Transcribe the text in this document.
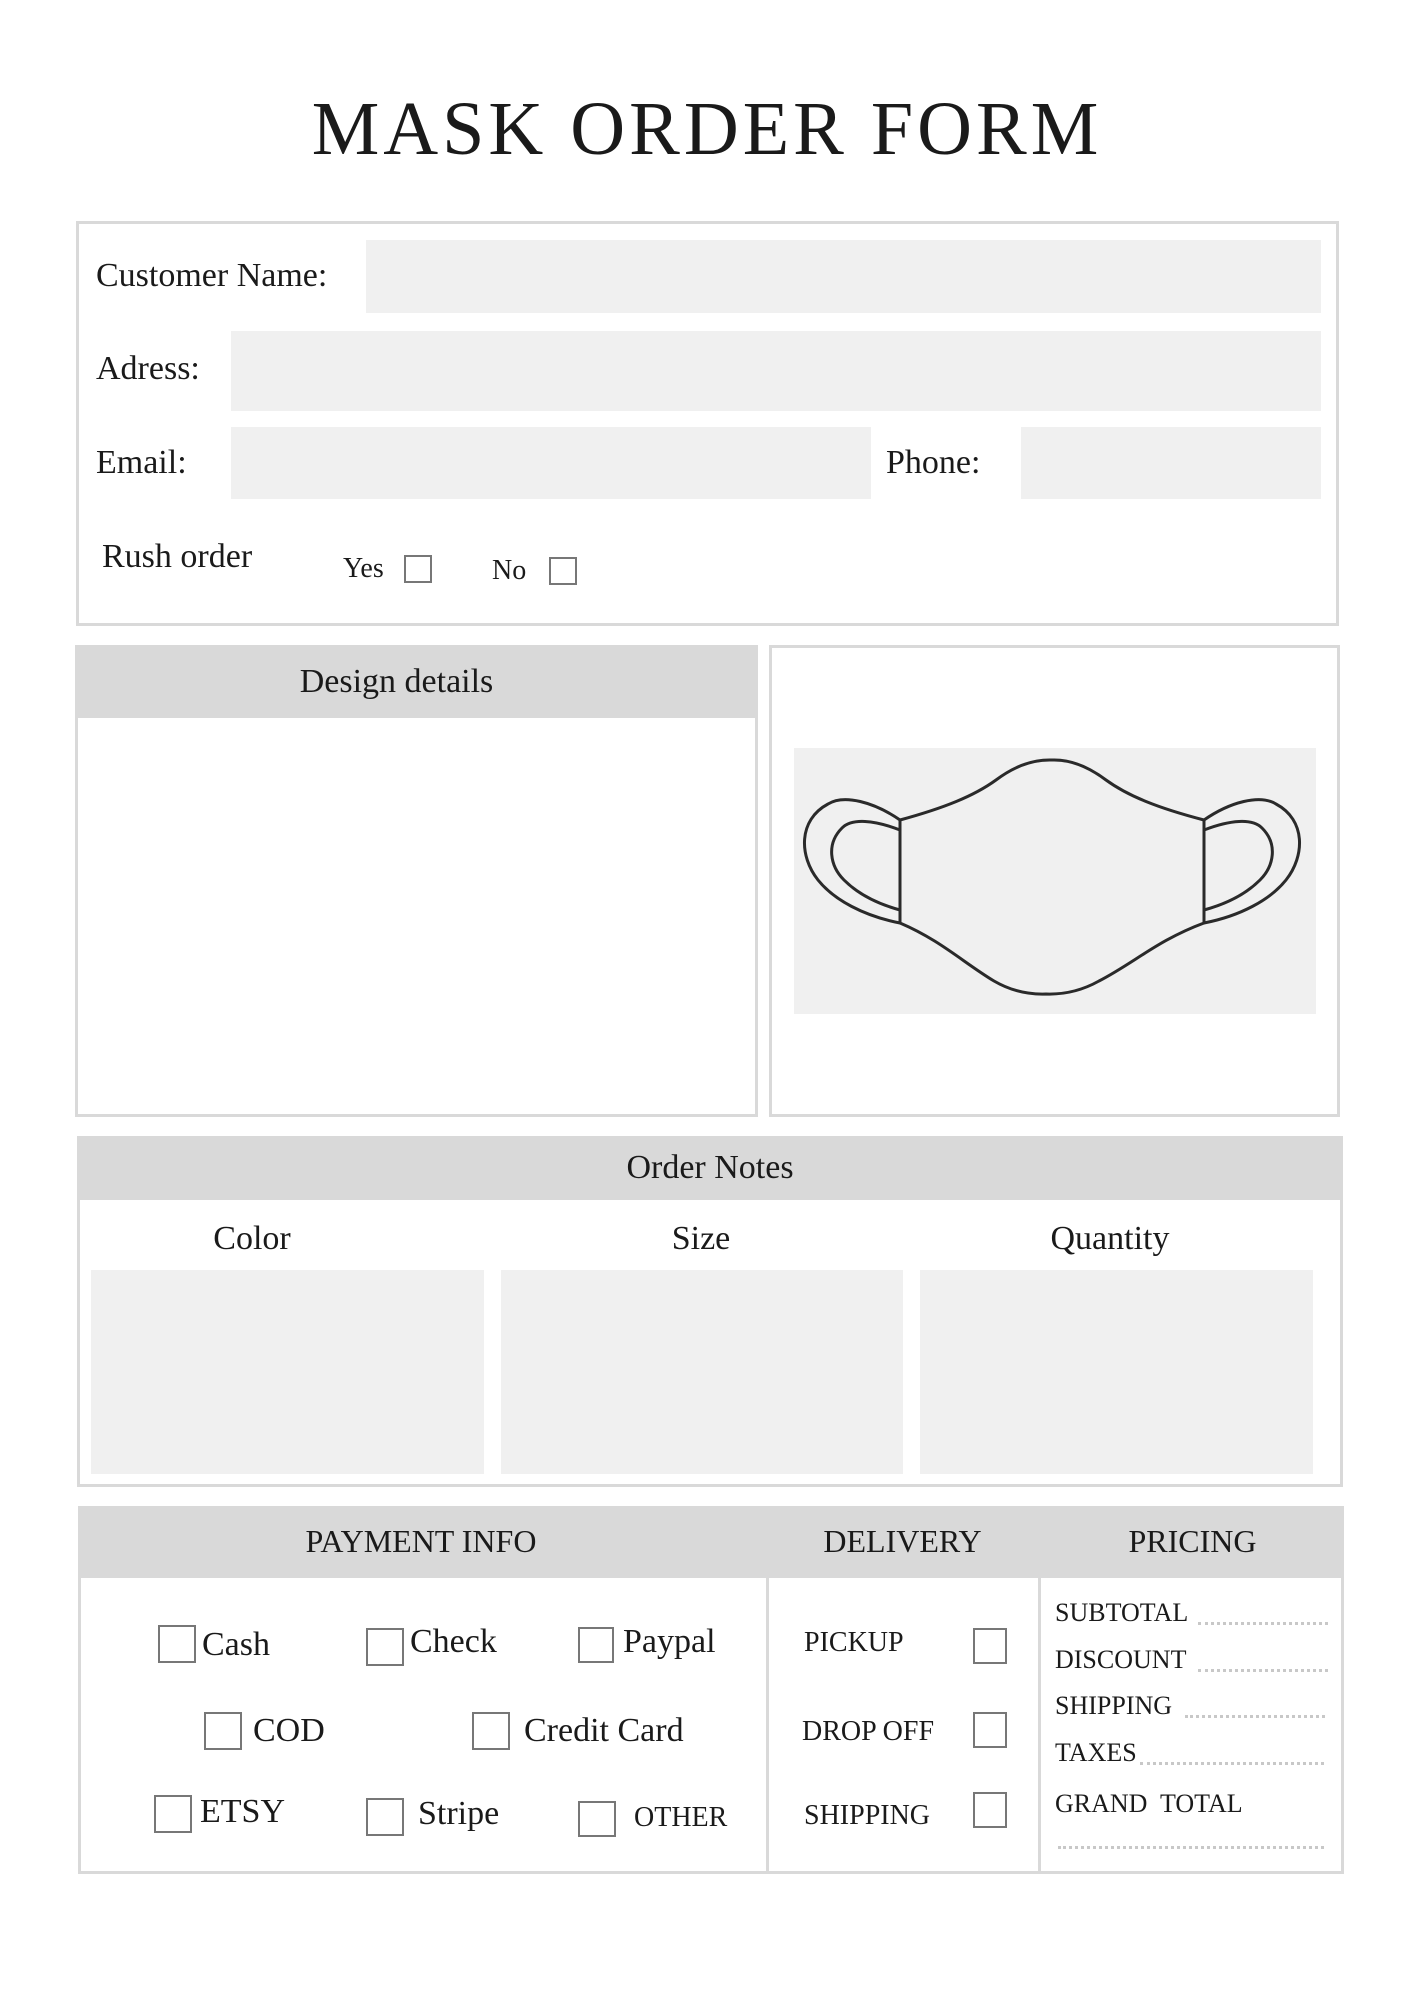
MASK ORDER FORM
Customer Name:
Adress:
Email:	Phone:
Rush order	Yes	No
Design details
Order Notes
Color	Size	Quantity
PAYMENT INFO	DELIVERY	PRICING
Cash	Check	Paypal
COD	Credit Card
ETSY	Stripe	OTHER
PICKUP
DROP OFF
SHIPPING
SUBTOTAL
DISCOUNT
SHIPPING
TAXES
GRAND  TOTAL
